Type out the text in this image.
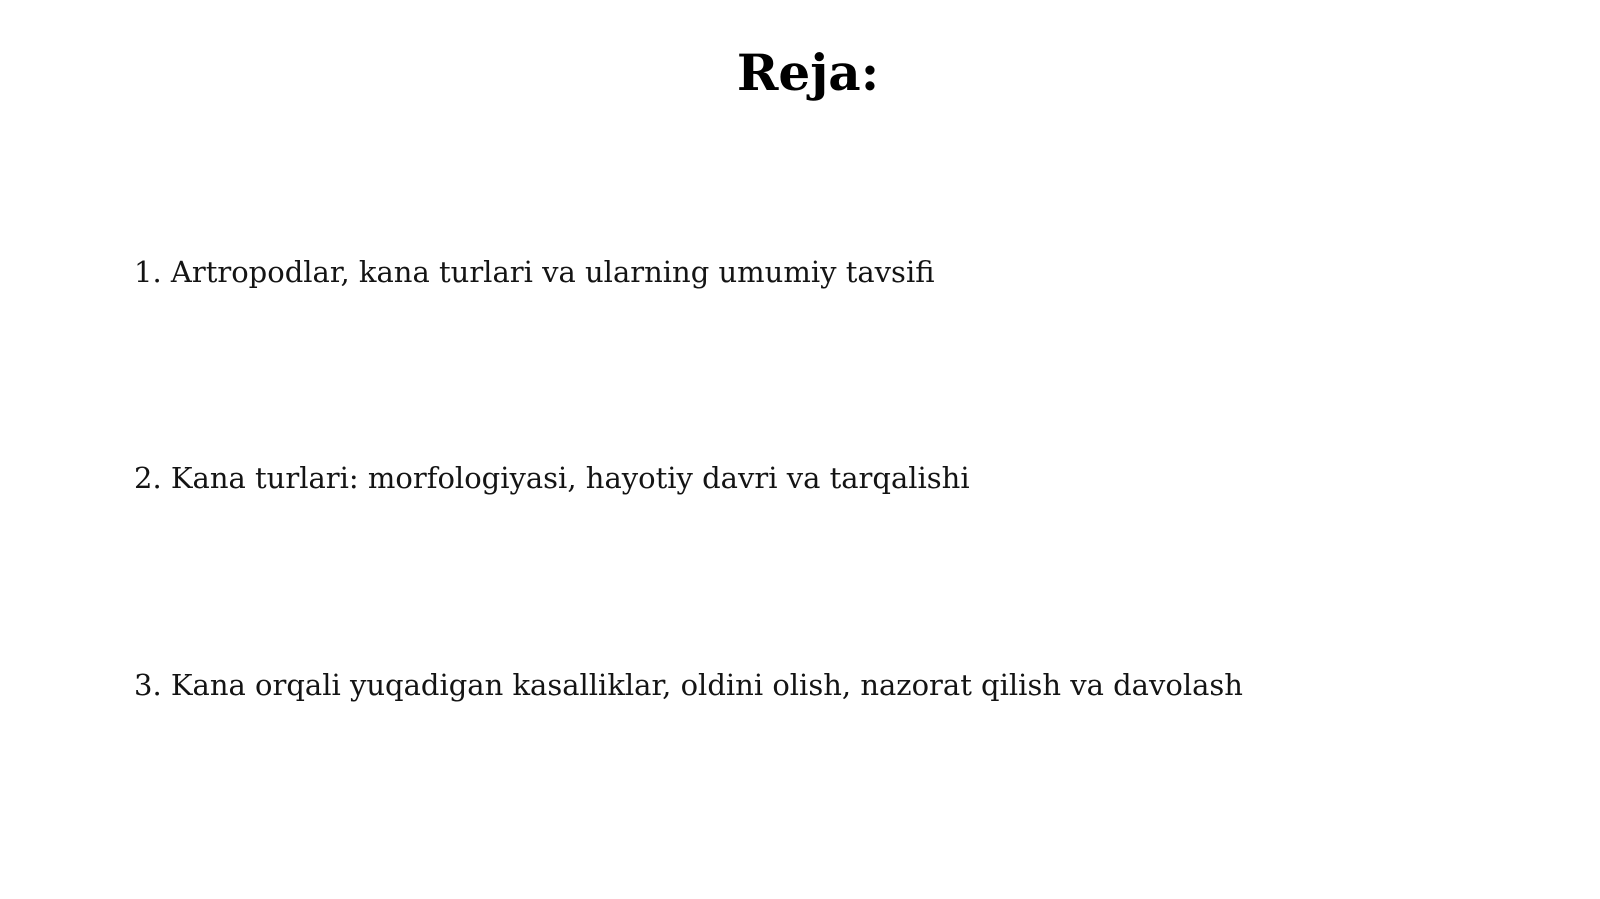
Reja:

1. Artropodlar, kana turlari va ularning umumiy tavsifi

2. Kana turlari: morfologiyasi, hayotiy davri va tarqalishi

3. Kana orqali yuqadigan kasalliklar, oldini olish, nazorat qilish va davolash
